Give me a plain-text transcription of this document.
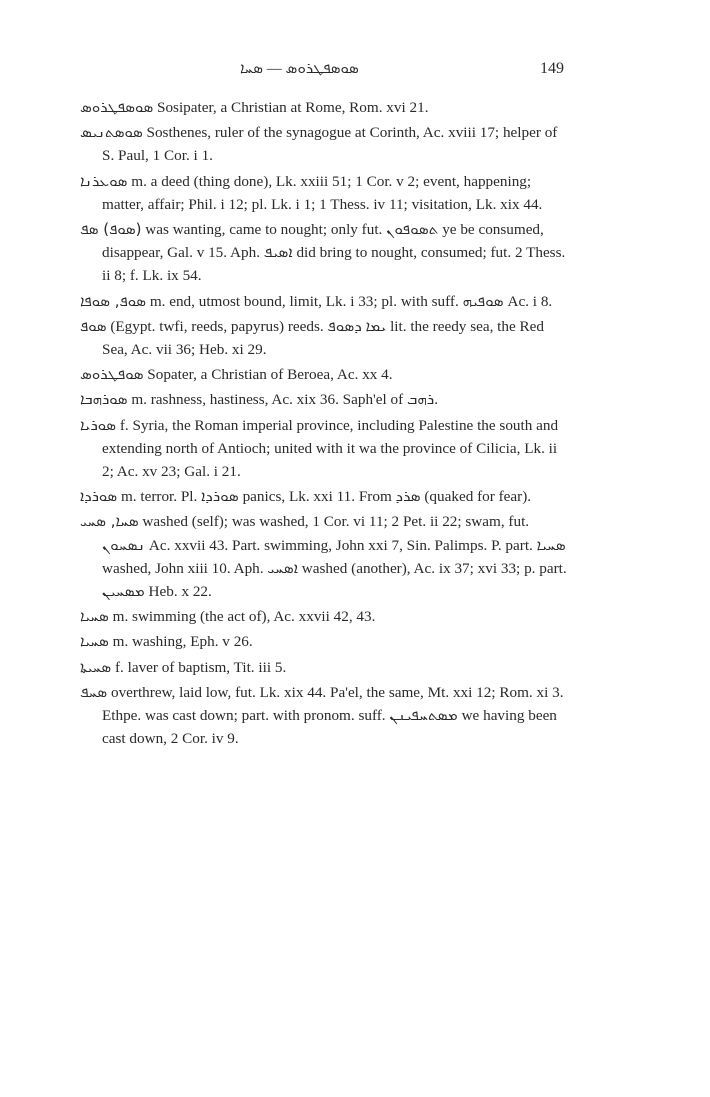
ܣܘܣܦܛܪܘܣ — ܣܚܐ	149

ܣܘܣܦܛܪܘܣ Sosipater, a Christian at Rome, Rom. xvi 21.

ܣܘܣܬܢܝܣ Sosthenes, ruler of the synagogue at Corinth, Ac. xviii 17; helper of S. Paul, 1 Cor. i 1.

ܣܘܥܪܢܐ m. a deed (thing done), Lk. xxiii 51; 1 Cor. v 2; event, happening; matter, affair; Phil. i 12; pl. Lk. i 1; 1 Thess. iv 11; visitation, Lk. xix 44.

(ܣܘܦ) ܣܦ was wanting, came to nought; only fut. ܬܣܘܦܘܢ ye be consumed, disappear, Gal. v 15. Aph. ܐܣܝܦ did bring to nought, consumed; fut. 2 Thess. ii 8; f. Lk. ix 54.

ܣܘܦ, ܣܘܦܐ m. end, utmost bound, limit, Lk. i 33; pl. with suff. ܣܘܦܝܗ Ac. i 8.

ܣܘܦ (Egypt. twfi, reeds, papyrus) reeds. ܝܡܐ ܕܣܘܦ lit. the reedy sea, the Red Sea, Ac. vii 36; Heb. xi 29.

ܣܘܦܛܪܘܣ Sopater, a Christian of Beroea, Ac. xx 4.

ܣܘܪܗܒܐ m. rashness, hastiness, Ac. xix 36. Saph'el of ܪܗܒ.

ܣܘܪܝܐ f. Syria, the Roman imperial province, including Palestine the south and extending north of Antioch; united with it wa the province of Cilicia, Lk. ii 2; Ac. xv 23; Gal. i 21.

ܣܘܪܕܐ m. terror. Pl. ܣܘܪܕܐ panics, Lk. xxi 11. From ܣܪܕ (quaked for fear).

ܣܚܐ, ܣܚܝ washed (self); was washed, 1 Cor. vi 11; 2 Pet. ii 22; swam, fut. ܢܣܚܘܢ Ac. xxvii 43. Part. swimming, John xxi 7, Sin. Palimps. P. part. ܣܚܝܐ washed, John xiii 10. Aph. ܐܣܚܝ washed (another), Ac. ix 37; xvi 33; p. part. ܡܣܚܝܢ Heb. x 22.

ܣܚܝܐ m. swimming (the act of), Ac. xxvii 42, 43.

ܣܚܝܐ m. washing, Eph. v 26.

ܣܚܝܬܐ f. laver of baptism, Tit. iii 5.

ܣܚܦ overthrew, laid low, fut. Lk. xix 44. Pa'el, the same, Mt. xxi 12; Rom. xi 3. Ethpe. was cast down; part. with pronom. suff. ܡܣܬܚܦܝܢܢ we having been cast down, 2 Cor. iv 9.
